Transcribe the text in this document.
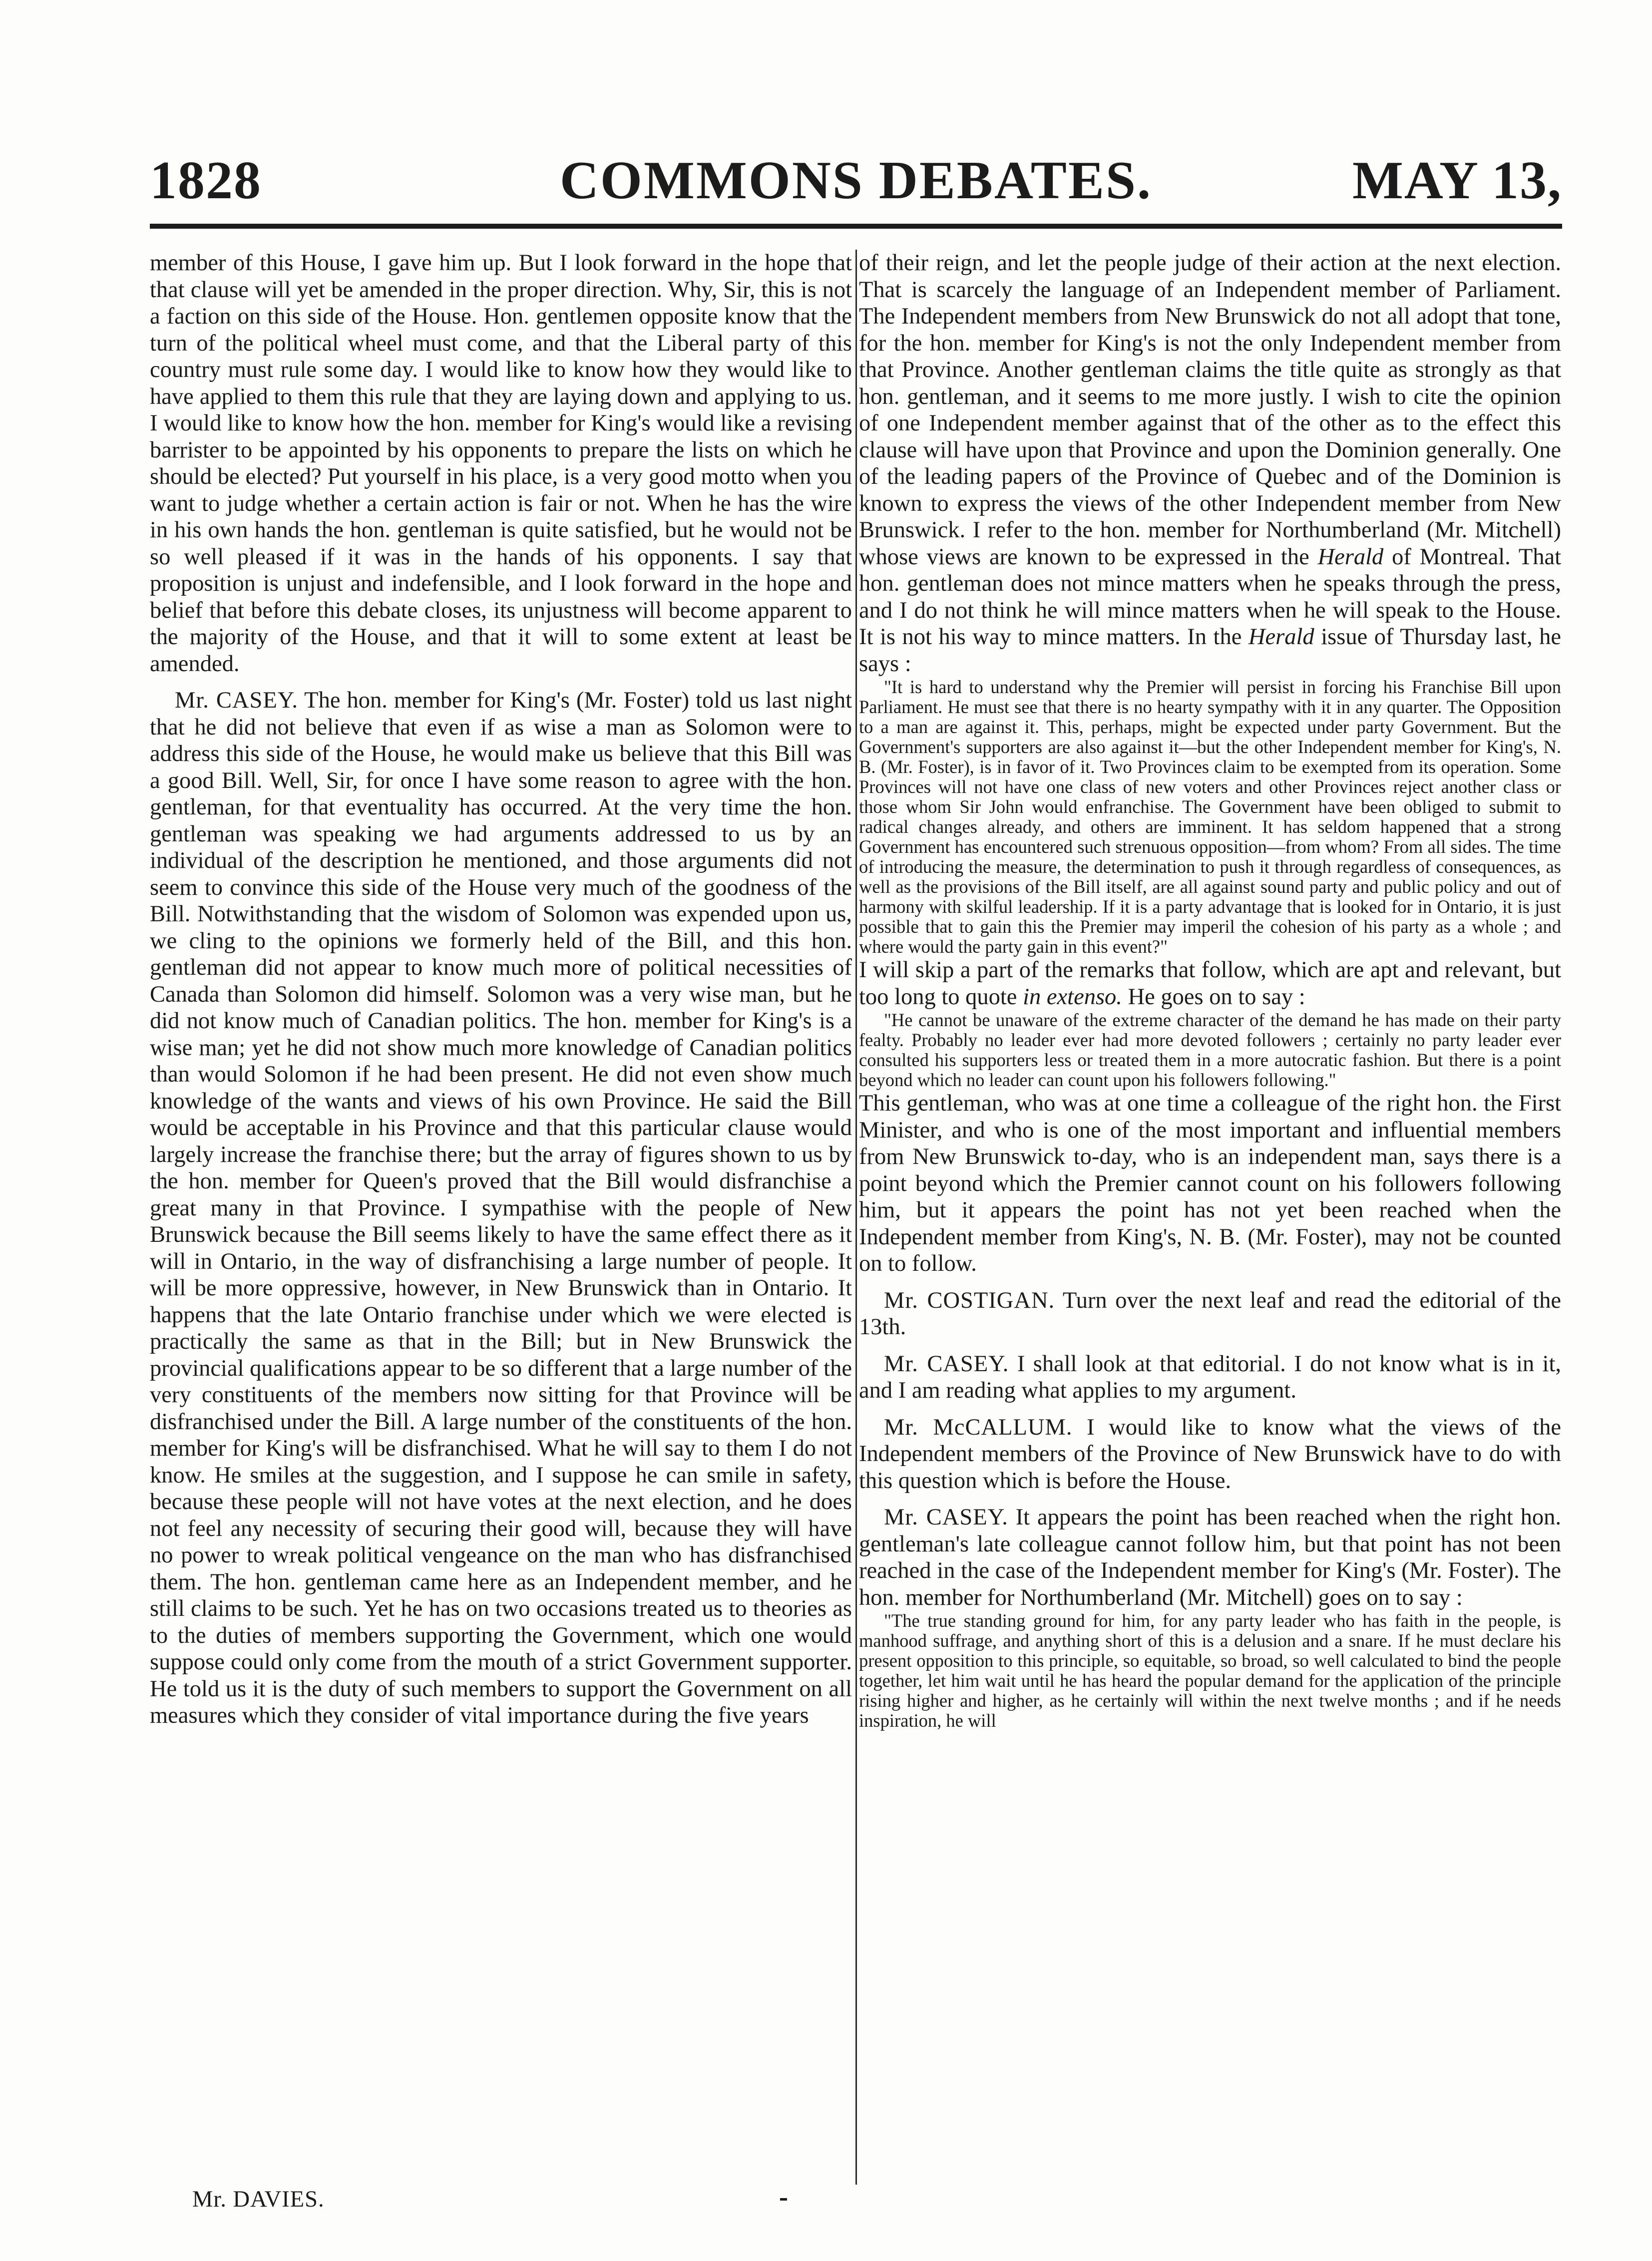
1828	COMMONS DEBATES.	MAY 13,

member of this House, I gave him up. But I look forward in the hope that that clause will yet be amended in the proper direction. Why, Sir, this is not a faction on this side of the House. Hon. gentlemen opposite know that the turn of the political wheel must come, and that the Liberal party of this country must rule some day. I would like to know how they would like to have applied to them this rule that they are laying down and applying to us. I would like to know how the hon. member for King's would like a revising barrister to be appointed by his opponents to prepare the lists on which he should be elected? Put yourself in his place, is a very good motto when you want to judge whether a certain action is fair or not. When he has the wire in his own hands the hon. gentleman is quite satisfied, but he would not be so well pleased if it was in the hands of his opponents. I say that proposition is unjust and indefensible, and I look forward in the hope and belief that before this debate closes, its unjustness will become apparent to the majority of the House, and that it will to some extent at least be amended.

Mr. CASEY. The hon. member for King's (Mr. Foster) told us last night that he did not believe that even if as wise a man as Solomon were to address this side of the House, he would make us believe that this Bill was a good Bill. Well, Sir, for once I have some reason to agree with the hon. gentleman, for that eventuality has occurred. At the very time the hon. gentleman was speaking we had arguments addressed to us by an individual of the description he mentioned, and those arguments did not seem to convince this side of the House very much of the goodness of the Bill. Notwithstanding that the wisdom of Solomon was expended upon us, we cling to the opinions we formerly held of the Bill, and this hon. gentleman did not appear to know much more of political necessities of Canada than Solomon did himself. Solomon was a very wise man, but he did not know much of Canadian politics. The hon. member for King's is a wise man; yet he did not show much more knowledge of Canadian politics than would Solomon if he had been present. He did not even show much knowledge of the wants and views of his own Province. He said the Bill would be acceptable in his Province and that this particular clause would largely increase the franchise there; but the array of figures shown to us by the hon. member for Queen's proved that the Bill would disfranchise a great many in that Province. I sympathise with the people of New Brunswick because the Bill seems likely to have the same effect there as it will in Ontario, in the way of disfranchising a large number of people. It will be more oppressive, however, in New Brunswick than in Ontario. It happens that the late Ontario franchise under which we were elected is practically the same as that in the Bill; but in New Brunswick the provincial qualifications appear to be so different that a large number of the very constituents of the members now sitting for that Province will be disfranchised under the Bill. A large number of the constituents of the hon. member for King's will be disfranchised. What he will say to them I do not know. He smiles at the suggestion, and I suppose he can smile in safety, because these people will not have votes at the next election, and he does not feel any necessity of securing their good will, because they will have no power to wreak political vengeance on the man who has disfranchised them. The hon. gentleman came here as an Independent member, and he still claims to be such. Yet he has on two occasions treated us to theories as to the duties of members supporting the Government, which one would suppose could only come from the mouth of a strict Government supporter. He told us it is the duty of such members to support the Government on all measures which they consider of vital importance during the five years

of their reign, and let the people judge of their action at the next election. That is scarcely the language of an Independent member of Parliament. The Independent members from New Brunswick do not all adopt that tone, for the hon. member for King's is not the only Independent member from that Province. Another gentleman claims the title quite as strongly as that hon. gentleman, and it seems to me more justly. I wish to cite the opinion of one Independent member against that of the other as to the effect this clause will have upon that Province and upon the Dominion generally. One of the leading papers of the Province of Quebec and of the Dominion is known to express the views of the other Independent member from New Brunswick. I refer to the hon. member for Northumberland (Mr. Mitchell) whose views are known to be expressed in the Herald of Montreal. That hon. gentleman does not mince matters when he speaks through the press, and I do not think he will mince matters when he will speak to the House. It is not his way to mince matters. In the Herald issue of Thursday last, he says :

"It is hard to understand why the Premier will persist in forcing his Franchise Bill upon Parliament. He must see that there is no hearty sympathy with it in any quarter. The Opposition to a man are against it. This, perhaps, might be expected under party Government. But the Government's supporters are also against it—but the other Independent member for King's, N. B. (Mr. Foster), is in favor of it. Two Provinces claim to be exempted from its operation. Some Provinces will not have one class of new voters and other Provinces reject another class or those whom Sir John would enfranchise. The Government have been obliged to submit to radical changes already, and others are imminent. It has seldom happened that a strong Government has encountered such strenuous opposition—from whom? From all sides. The time of introducing the measure, the determination to push it through regardless of consequences, as well as the provisions of the Bill itself, are all against sound party and public policy and out of harmony with skilful leadership. If it is a party advantage that is looked for in Ontario, it is just possible that to gain this the Premier may imperil the cohesion of his party as a whole ; and where would the party gain in this event?"

I will skip a part of the remarks that follow, which are apt and relevant, but too long to quote in extenso. He goes on to say :

"He cannot be unaware of the extreme character of the demand he has made on their party fealty. Probably no leader ever had more devoted followers ; certainly no party leader ever consulted his supporters less or treated them in a more autocratic fashion. But there is a point beyond which no leader can count upon his followers following."

This gentleman, who was at one time a colleague of the right hon. the First Minister, and who is one of the most important and influential members from New Brunswick to-day, who is an independent man, says there is a point beyond which the Premier cannot count on his followers following him, but it appears the point has not yet been reached when the Independent member from King's, N. B. (Mr. Foster), may not be counted on to follow.

Mr. COSTIGAN. Turn over the next leaf and read the editorial of the 13th.

Mr. CASEY. I shall look at that editorial. I do not know what is in it, and I am reading what applies to my argument.

Mr. McCALLUM. I would like to know what the views of the Independent members of the Province of New Brunswick have to do with this question which is before the House.

Mr. CASEY. It appears the point has been reached when the right hon. gentleman's late colleague cannot follow him, but that point has not been reached in the case of the Independent member for King's (Mr. Foster). The hon. member for Northumberland (Mr. Mitchell) goes on to say :

"The true standing ground for him, for any party leader who has faith in the people, is manhood suffrage, and anything short of this is a delusion and a snare. If he must declare his present opposition to this principle, so equitable, so broad, so well calculated to bind the people together, let him wait until he has heard the popular demand for the application of the principle rising higher and higher, as he certainly will within the next twelve months ; and if he needs inspiration, he will

Mr. DAVIES.
